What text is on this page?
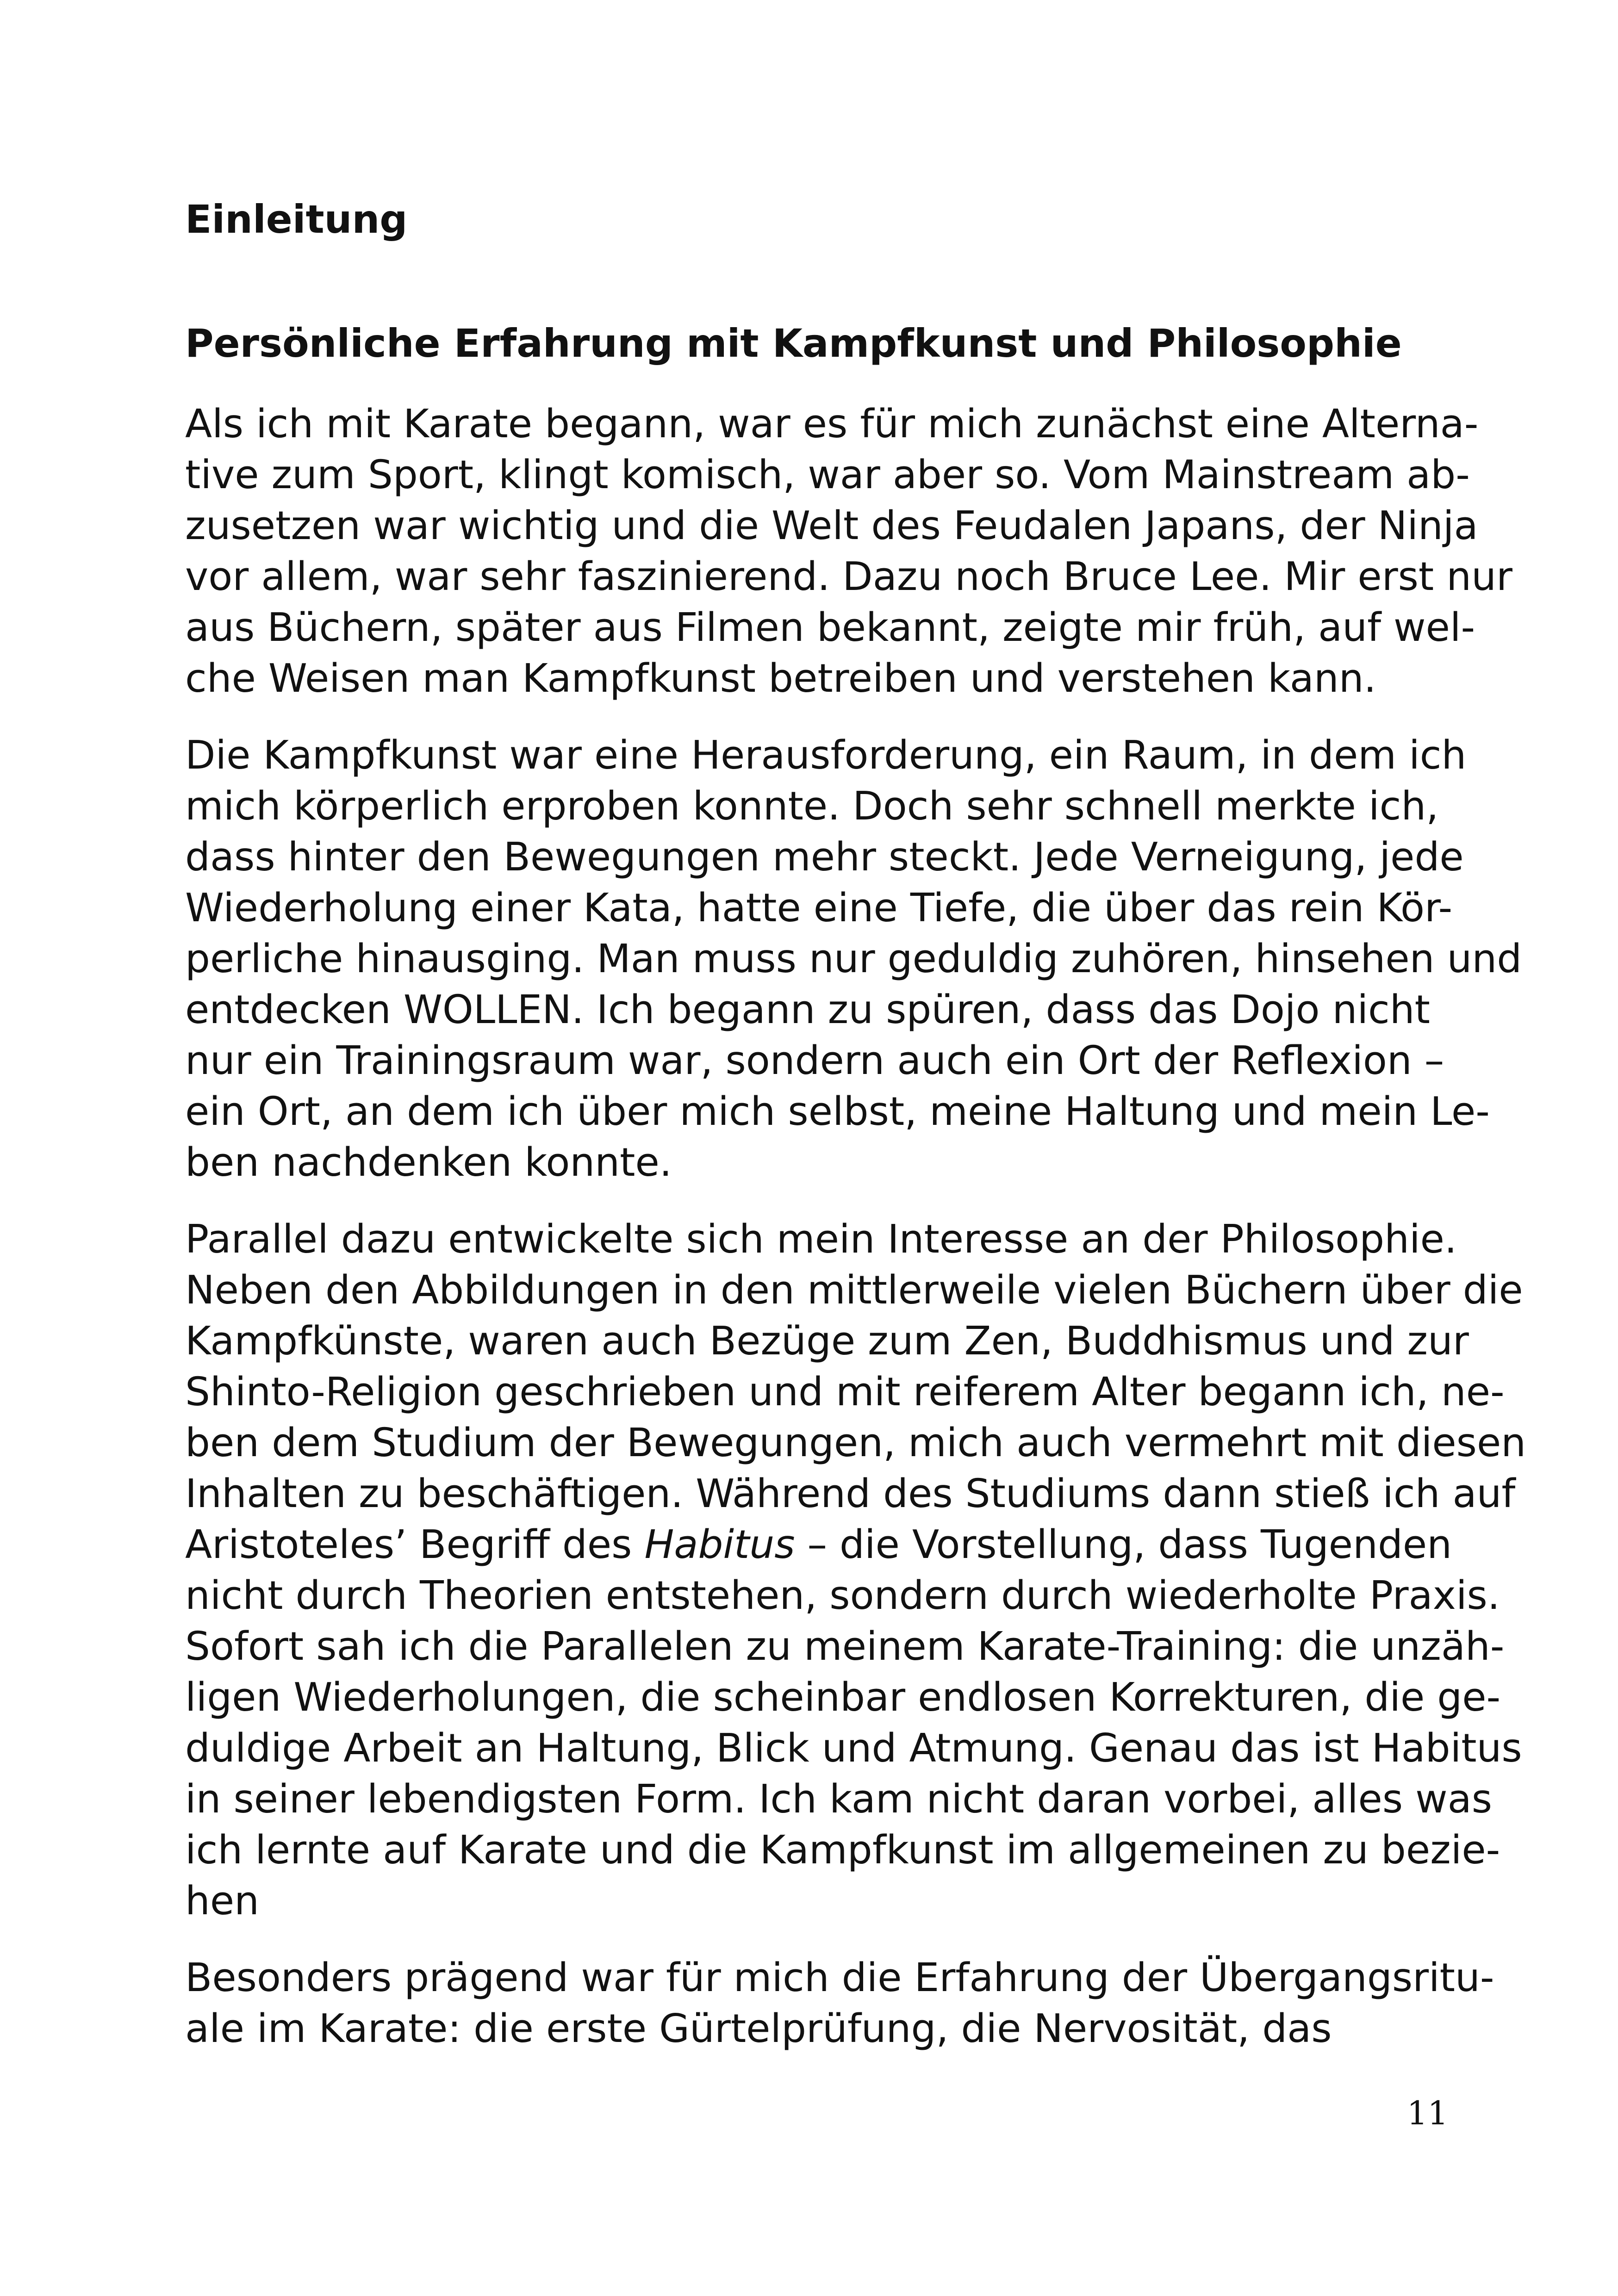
Einleitung
Persönliche Erfahrung mit Kampfkunst und Philosophie

Als ich mit Karate begann, war es für mich zunächst eine Alterna-
tive zum Sport, klingt komisch, war aber so. Vom Mainstream ab-
zusetzen war wichtig und die Welt des Feudalen Japans, der Ninja
vor allem, war sehr faszinierend. Dazu noch Bruce Lee. Mir erst nur
aus Büchern, später aus Filmen bekannt, zeigte mir früh, auf wel-
che Weisen man Kampfkunst betreiben und verstehen kann.

Die Kampfkunst war eine Herausforderung, ein Raum, in dem ich
mich körperlich erproben konnte. Doch sehr schnell merkte ich,
dass hinter den Bewegungen mehr steckt. Jede Verneigung, jede
Wiederholung einer Kata, hatte eine Tiefe, die über das rein Kör-
perliche hinausging. Man muss nur geduldig zuhören, hinsehen und
entdecken WOLLEN. Ich begann zu spüren, dass das Dojo nicht
nur ein Trainingsraum war, sondern auch ein Ort der Reflexion –
ein Ort, an dem ich über mich selbst, meine Haltung und mein Le-
ben nachdenken konnte.

Parallel dazu entwickelte sich mein Interesse an der Philosophie.
Neben den Abbildungen in den mittlerweile vielen Büchern über die
Kampfkünste, waren auch Bezüge zum Zen, Buddhismus und zur
Shinto-Religion geschrieben und mit reiferem Alter begann ich, ne-
ben dem Studium der Bewegungen, mich auch vermehrt mit diesen
Inhalten zu beschäftigen. Während des Studiums dann stieß ich auf
Aristoteles’ Begriff des Habitus – die Vorstellung, dass Tugenden
nicht durch Theorien entstehen, sondern durch wiederholte Praxis.
Sofort sah ich die Parallelen zu meinem Karate-Training: die unzäh-
ligen Wiederholungen, die scheinbar endlosen Korrekturen, die ge-
duldige Arbeit an Haltung, Blick und Atmung. Genau das ist Habitus
in seiner lebendigsten Form. Ich kam nicht daran vorbei, alles was
ich lernte auf Karate und die Kampfkunst im allgemeinen zu bezie-
hen

Besonders prägend war für mich die Erfahrung der Übergangsritu-
ale im Karate: die erste Gürtelprüfung, die Nervosität, das

11
